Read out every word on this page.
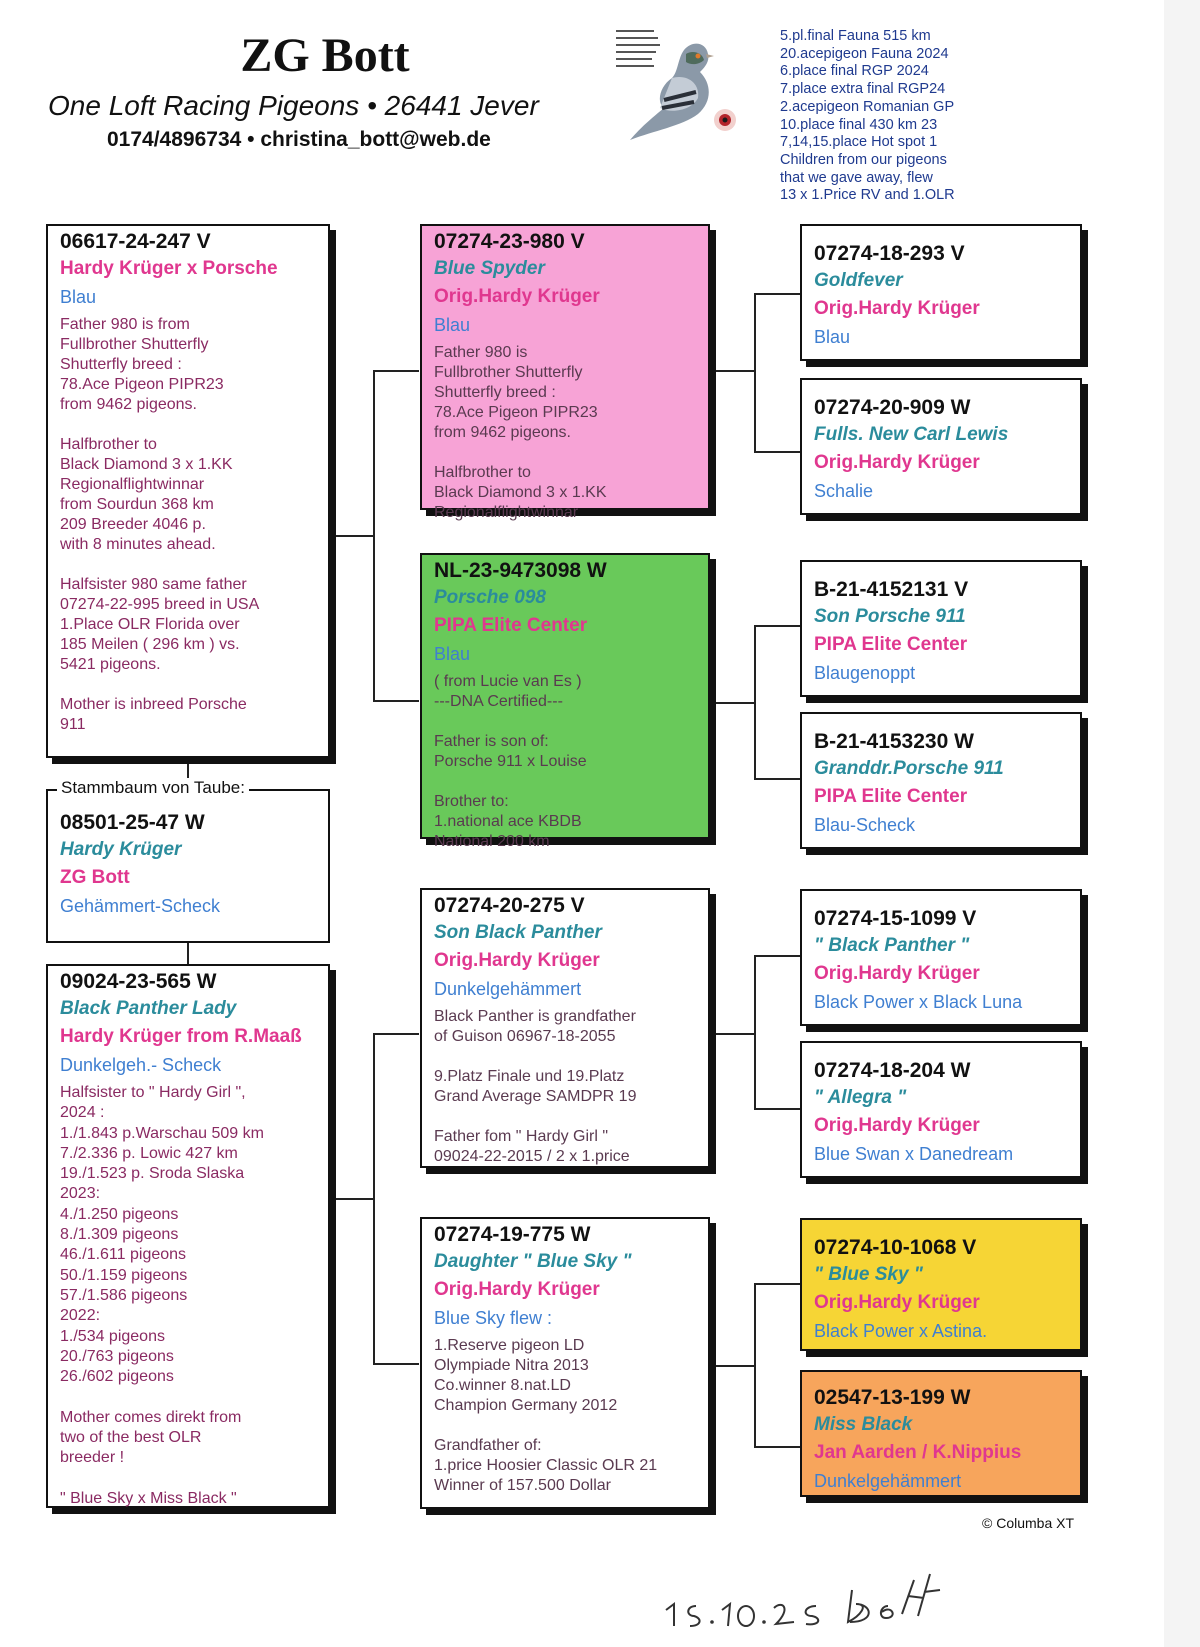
ZG Bott
One Loft Racing Pigeons • 26441 Jever
0174/4896734 • christina_bott@web.de
5.pl.final Fauna 515 km
20.acepigeon Fauna 2024
6.place final RGP 2024
7.place extra final RGP24
2.acepigeon Romanian GP
10.place final 430 km 23
7,14,15.place Hot spot 1
Children from our pigeons
that we gave away, flew
13 x 1.Price RV and 1.OLR
06617-24-247 V
Hardy Krüger x Porsche
Blau
Father 980 is from
Fullbrother Shutterfly
Shutterfly breed :
78.Ace Pigeon PIPR23
from 9462 pigeons.

Halfbrother to
Black Diamond 3 x 1.KK
Regionalflightwinnar
from Sourdun 368 km
209 Breeder 4046 p.
with 8 minutes ahead.

Halfsister 980 same father
07274-22-995 breed in USA
1.Place OLR Florida over
185 Meilen ( 296 km ) vs.
5421 pigeons.

Mother is inbreed Porsche
911
08501-25-47 W
Hardy Krüger
ZG Bott
Gehämmert-Scheck
Stammbaum von Taube:
09024-23-565 W
Black Panther Lady
Hardy Krüger from R.Maaß
Dunkelgeh.- Scheck
Halfsister to " Hardy Girl ",
2024 :
1./1.843 p.Warschau 509 km
7./2.336 p. Lowic 427 km
19./1.523 p. Sroda Slaska
2023:
4./1.250 pigeons
8./1.309 pigeons
46./1.611 pigeons
50./1.159 pigeons
57./1.586 pigeons
2022:
1./534 pigeons
20./763 pigeons
26./602 pigeons

Mother comes direkt from
two of the best OLR
breeder !

" Blue Sky x Miss Black "
07274-23-980 V
Blue Spyder
Orig.Hardy Krüger
Blau
Father 980 is
Fullbrother Shutterfly
Shutterfly breed :
78.Ace Pigeon PIPR23
from 9462 pigeons.

Halfbrother to
Black Diamond 3 x 1.KK
Regionalflightwinnar
NL-23-9473098 W
Porsche 098
PIPA Elite Center
Blau
( from Lucie van Es )
---DNA Certified---

Father is son of:
Porsche 911 x Louise

Brother to:
1.national ace KBDB
National 200 km
07274-20-275 V
Son Black Panther
Orig.Hardy Krüger
Dunkelgehämmert
Black Panther is grandfather
of Guison 06967-18-2055

9.Platz Finale und 19.Platz
Grand Average SAMDPR 19

Father fom " Hardy Girl "
09024-22-2015 / 2 x 1.price
07274-19-775 W
Daughter " Blue Sky "
Orig.Hardy Krüger
Blue Sky flew :
1.Reserve pigeon LD
Olympiade Nitra 2013
Co.winner 8.nat.LD
Champion Germany 2012

Grandfather of:
1.price Hoosier Classic OLR 21
Winner of 157.500 Dollar
07274-18-293 V
Goldfever
Orig.Hardy Krüger
Blau
07274-20-909 W
Fulls. New Carl Lewis
Orig.Hardy Krüger
Schalie
B-21-4152131 V
Son Porsche 911
PIPA Elite Center
Blaugenoppt
B-21-4153230 W
Granddr.Porsche 911
PIPA Elite Center
Blau-Scheck
07274-15-1099 V
" Black Panther "
Orig.Hardy Krüger
Black Power x Black Luna
07274-18-204 W
" Allegra "
Orig.Hardy Krüger
Blue Swan x Danedream
07274-10-1068 V
" Blue Sky "
Orig.Hardy Krüger
Black Power x Astina.
02547-13-199 W
Miss Black
Jan Aarden / K.Nippius
Dunkelgehämmert
© Columba XT
